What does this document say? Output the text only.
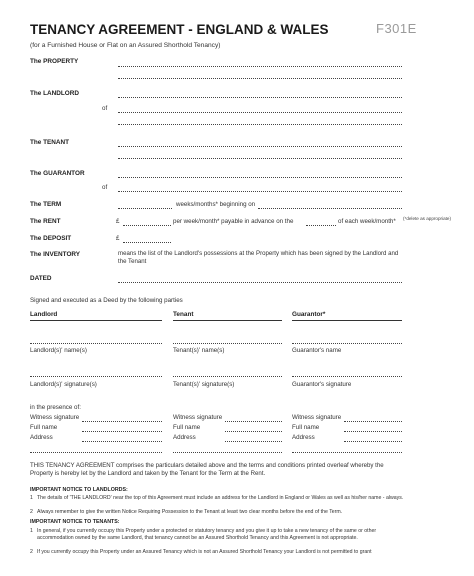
TENANCY AGREEMENT - ENGLAND & WALES	F301E
(for a Furnished House or Flat on an Assured Shorthold Tenancy)
The PROPERTY
The LANDLORD
of
The TENANT
The GUARANTOR
of
The TERM	weeks/months* beginning on
The RENT	£	per week/month* payable in advance on the	of each week/month* (*delete as appropriate)
The DEPOSIT	£
The INVENTORY	means the list of the Landlord's possessions at the Property which has been signed by the Landlord and the Tenant
DATED
Signed and executed as a Deed by the following parties
Landlord	Tenant	Guarantor*
Landlord(s)' name(s)	Tenant(s)' name(s)	Guarantor's name
Landlord(s)' signature(s)	Tenant(s)' signature(s)	Guarantor's signature
in the presence of:
Witness signature	Witness signature	Witness signature
Full name	Full name	Full name
Address	Address	Address
THIS TENANCY AGREEMENT comprises the particulars detailed above and the terms and conditions printed overleaf whereby the Property is hereby let by the Landlord and taken by the Tenant for the Term at the Rent.
IMPORTANT NOTICE TO LANDLORDS:
1 The details of 'THE LANDLORD' near the top of this Agreement must include an address for the Landlord in England or Wales as well as his/her name - always.
2 Always remember to give the written Notice Requiring Possession to the Tenant at least two clear months before the end of the Term.
IMPORTANT NOTICE TO TENANTS:
1 In general, if you currently occupy this Property under a protected or statutory tenancy and you give it up to take a new tenancy of the same or other accommodation owned by the same Landlord, that tenancy cannot be an Assured Shorthold Tenancy and this Agreement is not appropriate.
2 If you currently occupy this Property under an Assured Tenancy which is not an Assured Shorthold Tenancy your Landlord is not permitted to grant
